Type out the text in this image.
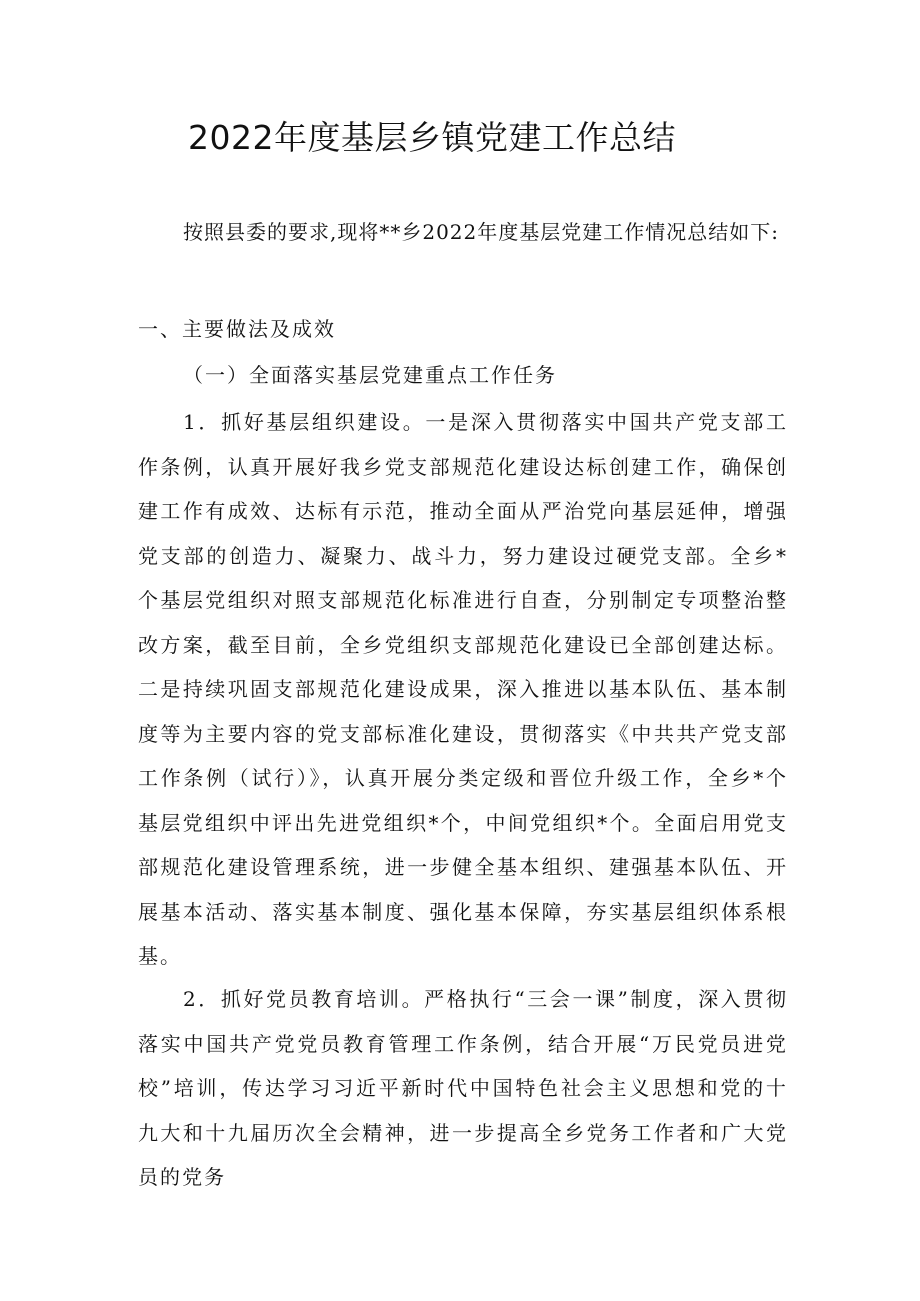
2022年度基层乡镇党建工作总结
按照县委的要求,现将**乡2022年度基层党建工作情况总结如下:
一、主要做法及成效
（一）全面落实基层党建重点工作任务
1．抓好基层组织建设。一是深入贯彻落实中国共产党支部工作条例，认真开展好我乡党支部规范化建设达标创建工作，确保创建工作有成效、达标有示范，推动全面从严治党向基层延伸，增强党支部的创造力、凝聚力、战斗力，努力建设过硬党支部。全乡*个基层党组织对照支部规范化标准进行自查，分别制定专项整治整改方案，截至目前，全乡党组织支部规范化建设已全部创建达标。二是持续巩固支部规范化建设成果，深入推进以基本队伍、基本制度等为主要内容的党支部标准化建设，贯彻落实《中共共产党支部工作条例（试行）》，认真开展分类定级和晋位升级工作，全乡*个基层党组织中评出先进党组织*个，中间党组织*个。全面启用党支部规范化建设管理系统，进一步健全基本组织、建强基本队伍、开展基本活动、落实基本制度、强化基本保障，夯实基层组织体系根基。
2．抓好党员教育培训。严格执行“三会一课”制度，深入贯彻落实中国共产党党员教育管理工作条例，结合开展“万民党员进党校”培训，传达学习习近平新时代中国特色社会主义思想和党的十九大和十九届历次全会精神，进一步提高全乡党务工作者和广大党员的党务
